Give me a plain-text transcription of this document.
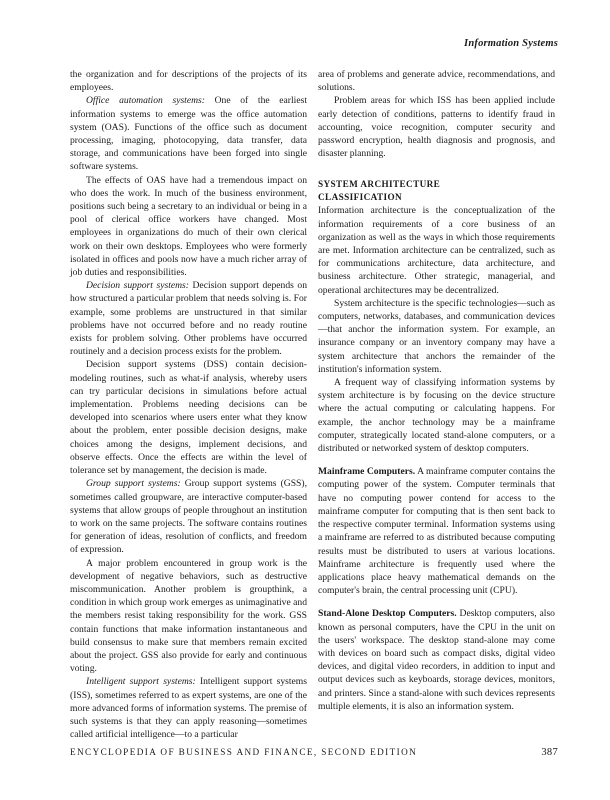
Information Systems

the organization and for descriptions of the projects of its employees.

Office automation systems: One of the earliest information systems to emerge was the office automation system (OAS). Functions of the office such as document processing, imaging, photocopying, data transfer, data storage, and communications have been forged into single software systems.

The effects of OAS have had a tremendous impact on who does the work. In much of the business environment, positions such being a secretary to an individual or being in a pool of clerical office workers have changed. Most employees in organizations do much of their own clerical work on their own desktops. Employees who were formerly isolated in offices and pools now have a much richer array of job duties and responsibilities.

Decision support systems: Decision support depends on how structured a particular problem that needs solving is. For example, some problems are unstructured in that similar problems have not occurred before and no ready routine exists for problem solving. Other problems have occurred routinely and a decision process exists for the problem.

Decision support systems (DSS) contain decision-modeling routines, such as what-if analysis, whereby users can try particular decisions in simulations before actual implementation. Problems needing decisions can be developed into scenarios where users enter what they know about the problem, enter possible decision designs, make choices among the designs, implement decisions, and observe effects. Once the effects are within the level of tolerance set by management, the decision is made.

Group support systems: Group support systems (GSS), sometimes called groupware, are interactive computer-based systems that allow groups of people throughout an institution to work on the same projects. The software contains routines for generation of ideas, resolution of conflicts, and freedom of expression.

A major problem encountered in group work is the development of negative behaviors, such as destructive miscommunication. Another problem is groupthink, a condition in which group work emerges as unimaginative and the members resist taking responsibility for the work. GSS contain functions that make information instantaneous and build consensus to make sure that members remain excited about the project. GSS also provide for early and continuous voting.

Intelligent support systems: Intelligent support systems (ISS), sometimes referred to as expert systems, are one of the more advanced forms of information systems. The premise of such systems is that they can apply reasoning—sometimes called artificial intelligence—to a particular

area of problems and generate advice, recommendations, and solutions.

Problem areas for which ISS has been applied include early detection of conditions, patterns to identify fraud in accounting, voice recognition, computer security and password encryption, health diagnosis and prognosis, and disaster planning.

SYSTEM ARCHITECTURE
CLASSIFICATION

Information architecture is the conceptualization of the information requirements of a core business of an organization as well as the ways in which those requirements are met. Information architecture can be centralized, such as for communications architecture, data architecture, and business architecture. Other strategic, managerial, and operational architectures may be decentralized.

System architecture is the specific technologies—such as computers, networks, databases, and communication devices—that anchor the information system. For example, an insurance company or an inventory company may have a system architecture that anchors the remainder of the institution's information system.

A frequent way of classifying information systems by system architecture is by focusing on the device structure where the actual computing or calculating happens. For example, the anchor technology may be a mainframe computer, strategically located stand-alone computers, or a distributed or networked system of desktop computers.

Mainframe Computers. A mainframe computer contains the computing power of the system. Computer terminals that have no computing power contend for access to the mainframe computer for computing that is then sent back to the respective computer terminal. Information systems using a mainframe are referred to as distributed because computing results must be distributed to users at various locations. Mainframe architecture is frequently used where the applications place heavy mathematical demands on the computer's brain, the central processing unit (CPU).

Stand-Alone Desktop Computers. Desktop computers, also known as personal computers, have the CPU in the unit on the users' workspace. The desktop stand-alone may come with devices on board such as compact disks, digital video devices, and digital video recorders, in addition to input and output devices such as keyboards, storage devices, monitors, and printers. Since a stand-alone with such devices represents multiple elements, it is also an information system.

ENCYCLOPEDIA OF BUSINESS AND FINANCE, SECOND EDITION	387
